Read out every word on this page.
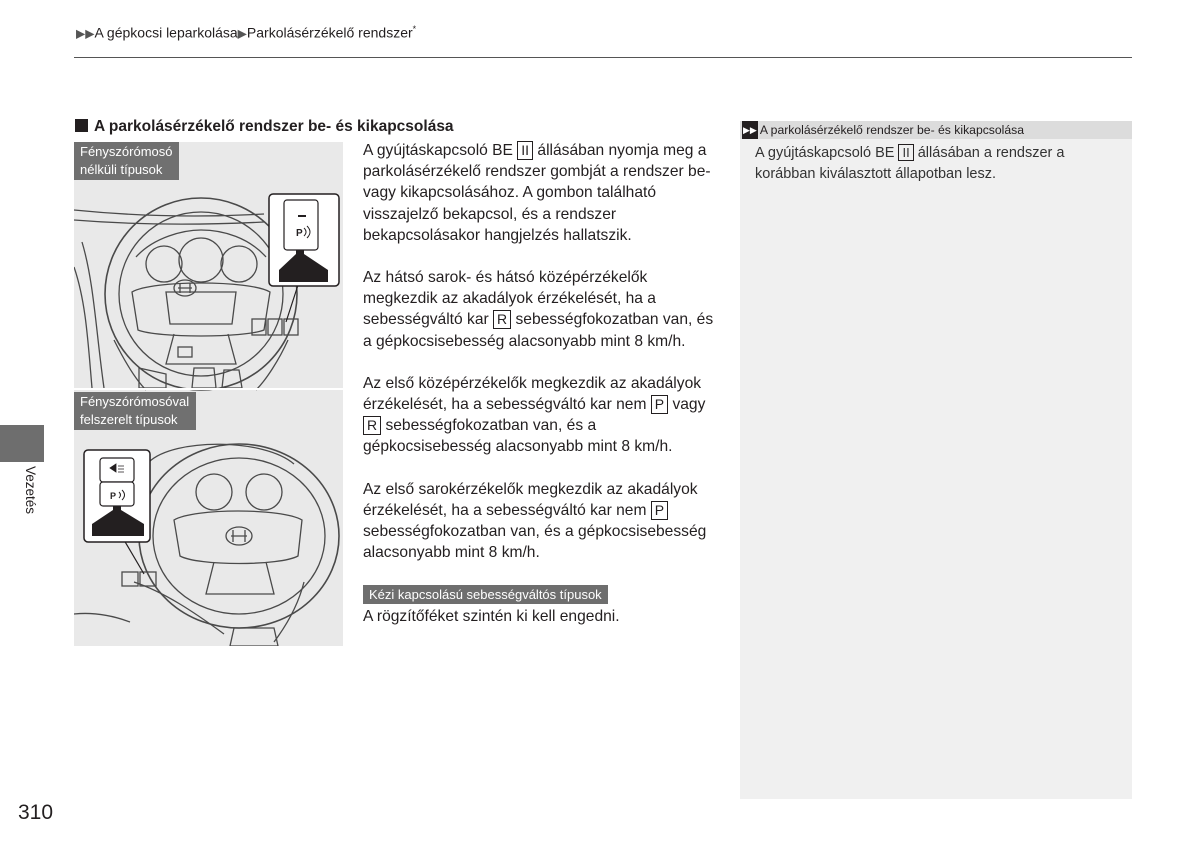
▶▶A gépkocsi leparkolása▶Parkolásérzékelő rendszer*
A parkolásérzékelő rendszer be- és kikapcsolása
P
P
Fényszórómosó
nélküli típusok
Fényszórómosóval
felszerelt típusok

A gyújtáskapcsoló BE II állásában nyomja meg a parkolásérzékelő rendszer gombját a rendszer be- vagy kikapcsolásához. A gombon található visszajelző bekapcsol, és a rendszer bekapcsolásakor hangjelzés hallatszik.

Az hátsó sarok- és hátsó középérzékelők megkezdik az akadályok érzékelését, ha a sebességváltó kar R sebességfokozatban van, és a gépkocsisebesség alacsonyabb mint 8 km/h.

Az első középérzékelők megkezdik az akadályok érzékelését, ha a sebességváltó kar nem P vagy R sebességfokozatban van, és a gépkocsisebesség alacsonyabb mint 8 km/h.

Az első sarokérzékelők megkezdik az akadályok érzékelését, ha a sebességváltó kar nem P sebességfokozatban van, és a gépkocsisebesség alacsonyabb mint 8 km/h.

Kézi kapcsolású sebességváltós típusok
A rögzítőféket szintén ki kell engedni.
▶▶ A parkolásérzékelő rendszer be- és kikapcsolása
A gyújtáskapcsoló BE II állásában a rendszer a korábban kiválasztott állapotban lesz.
Vezetés
310
